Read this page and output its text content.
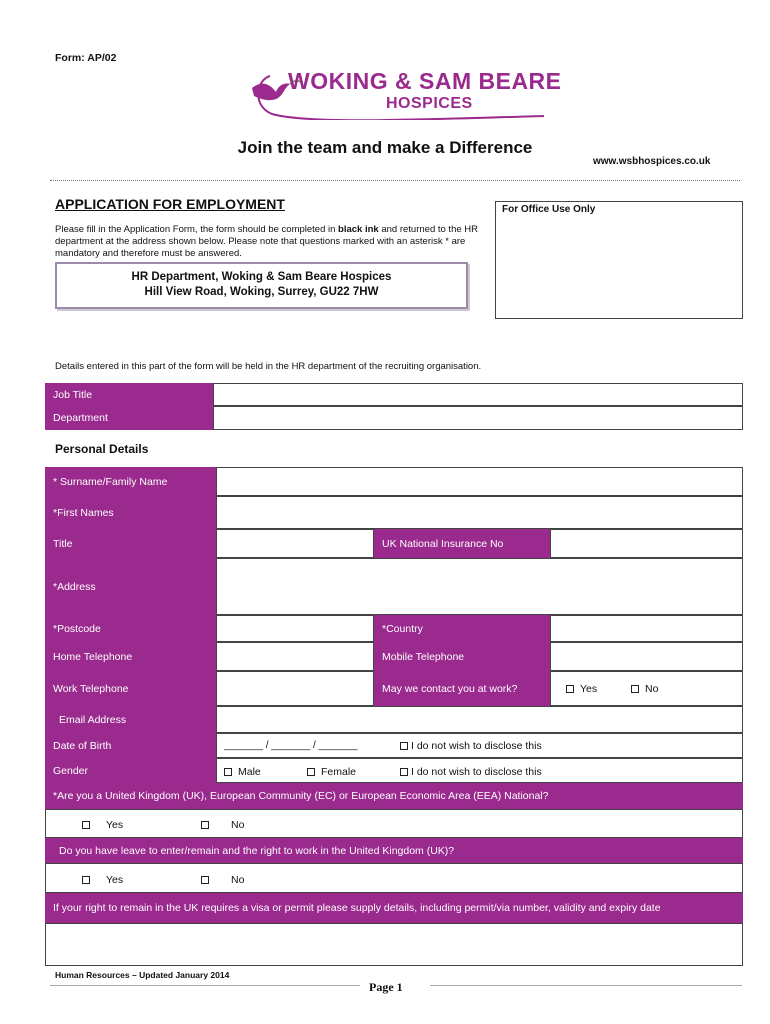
Form: AP/02
WOKING & SAM BEARE
HOSPICES
Join the team and make a Difference
www.wsbhospices.co.uk
APPLICATION FOR EMPLOYMENT
Please fill in the Application Form, the form should be completed in black ink and returned to the HR department at the address shown below. Please note that questions marked with an asterisk * are mandatory and therefore must be answered.
HR Department, Woking & Sam Beare Hospices
Hill View Road, Woking, Surrey, GU22 7HW
For Office Use Only
Details entered in this part of the form will be held in the HR department of the recruiting organisation.
Job Title
Department
Personal Details
* Surname/Family Name
*First Names
Title	UK National Insurance No
*Address
*Postcode	*Country
Home Telephone	Mobile Telephone
Work Telephone	May we contact you at work?	Yes	No
Email Address
Date of Birth	_______ / _______ / _______	I do not wish to disclose this
Gender	Male	Female	I do not wish to disclose this
*Are you a United Kingdom (UK), European Community (EC) or European Economic Area (EEA) National?
Yes	No
Do you have leave to enter/remain and the right to work in the United Kingdom (UK)?
Yes	No
If your right to remain in the UK requires a visa or permit please supply details, including permit/via number, validity and expiry date
Human Resources – Updated January 2014
Page 1
